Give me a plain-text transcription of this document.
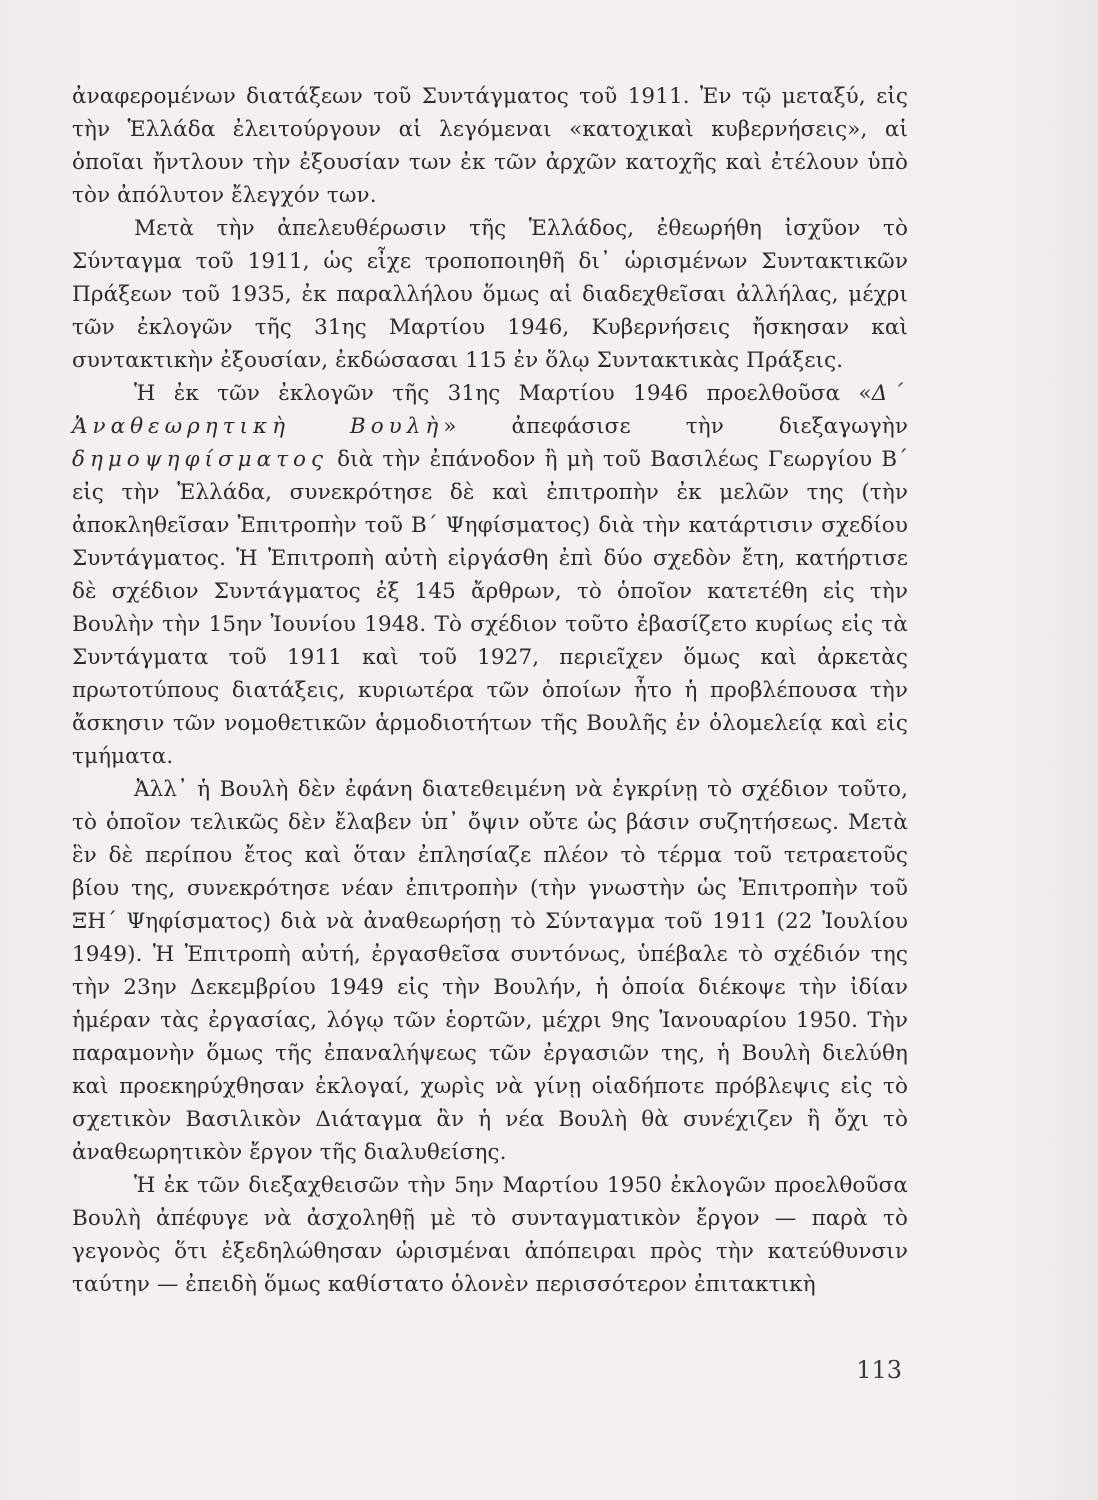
ἀναφερομένων διατάξεων τοῦ Συντάγματος τοῦ 1911. Ἐν τῷ μεταξύ, εἰς τὴν Ἑλλάδα ἐλειτούργουν αἱ λεγόμεναι «κατοχικαὶ κυβερνήσεις», αἱ ὁποῖαι ἤντλουν τὴν ἐξουσίαν των ἐκ τῶν ἀρχῶν κατοχῆς καὶ ἐτέλουν ὑπὸ τὸν ἀπόλυτον ἔλεγχόν των.

Μετὰ τὴν ἀπελευθέρωσιν τῆς Ἑλλάδος, ἐθεωρήθη ἰσχῦον τὸ Σύνταγμα τοῦ 1911, ὡς εἶχε τροποποιηθῆ δι᾿ ὡρισμένων Συντακτικῶν Πράξεων τοῦ 1935, ἐκ παραλλήλου ὅμως αἱ διαδεχθεῖσαι ἀλλήλας, μέχρι τῶν ἐκλογῶν τῆς 31ης Μαρτίου 1946, Κυβερνήσεις ἤσκησαν καὶ συντακτικὴν ἐξουσίαν, ἐκδώσασαι 115 ἐν ὅλῳ Συντακτικὰς Πράξεις.

Ἡ ἐκ τῶν ἐκλογῶν τῆς 31ης Μαρτίου 1946 προελθοῦσα «Δ΄ Ἀναθεωρητικὴ Βουλὴ» ἀπεφάσισε τὴν διεξαγωγὴν δημοψηφίσματος διὰ τὴν ἐπάνοδον ἢ μὴ τοῦ Βασιλέως Γεωργίου Β΄ εἰς τὴν Ἑλλάδα, συνεκρότησε δὲ καὶ ἐπιτροπὴν ἐκ μελῶν της (τὴν ἀποκληθεῖσαν Ἐπιτροπὴν τοῦ Β΄ Ψηφίσματος) διὰ τὴν κατάρτισιν σχεδίου Συντάγματος. Ἡ Ἐπιτροπὴ αὐτὴ εἰργάσθη ἐπὶ δύο σχεδὸν ἔτη, κατήρτισε δὲ σχέδιον Συντάγματος ἐξ 145 ἄρθρων, τὸ ὁποῖον κατετέθη εἰς τὴν Βουλὴν τὴν 15ην Ἰουνίου 1948. Τὸ σχέδιον τοῦτο ἐβασίζετο κυρίως εἰς τὰ Συντάγματα τοῦ 1911 καὶ τοῦ 1927, περιεῖχεν ὅμως καὶ ἀρκετὰς πρωτοτύπους διατάξεις, κυριωτέρα τῶν ὁποίων ἦτο ἡ προβλέπουσα τὴν ἄσκησιν τῶν νομοθετικῶν ἁρμοδιοτήτων τῆς Βουλῆς ἐν ὁλομελείᾳ καὶ εἰς τμήματα.

Ἀλλ᾿ ἡ Βουλὴ δὲν ἐφάνη διατεθειμένη νὰ ἐγκρίνῃ τὸ σχέδιον τοῦτο, τὸ ὁποῖον τελικῶς δὲν ἔλαβεν ὑπ᾿ ὄψιν οὔτε ὡς βάσιν συζητήσεως. Μετὰ ἓν δὲ περίπου ἔτος καὶ ὅταν ἐπλησίαζε πλέον τὸ τέρμα τοῦ τετραετοῦς βίου της, συνεκρότησε νέαν ἐπιτροπὴν (τὴν γνωστὴν ὡς Ἐπιτροπὴν τοῦ ΞΗ΄ Ψηφίσματος) διὰ νὰ ἀναθεωρήσῃ τὸ Σύνταγμα τοῦ 1911 (22 Ἰουλίου 1949). Ἡ Ἐπιτροπὴ αὐτή, ἐργασθεῖσα συντόνως, ὑπέβαλε τὸ σχέδιόν της τὴν 23ην Δεκεμβρίου 1949 εἰς τὴν Βουλήν, ἡ ὁποία διέκοψε τὴν ἰδίαν ἡμέραν τὰς ἐργασίας, λόγῳ τῶν ἑορτῶν, μέχρι 9ης Ἰανουαρίου 1950. Τὴν παραμονὴν ὅμως τῆς ἐπαναλήψεως τῶν ἐργασιῶν της, ἡ Βουλὴ διελύθη καὶ προεκηρύχθησαν ἐκλογαί, χωρὶς νὰ γίνῃ οἱαδήποτε πρόβλεψις εἰς τὸ σχετικὸν Βασιλικὸν Διάταγμα ἂν ἡ νέα Βουλὴ θὰ συνέχιζεν ἢ ὄχι τὸ ἀναθεωρητικὸν ἔργον τῆς διαλυθείσης.

Ἡ ἐκ τῶν διεξαχθεισῶν τὴν 5ην Μαρτίου 1950 ἐκλογῶν προελθοῦσα Βουλὴ ἀπέφυγε νὰ ἀσχοληθῇ μὲ τὸ συνταγματικὸν ἔργον — παρὰ τὸ γεγονὸς ὅτι ἐξεδηλώθησαν ὡρισμέναι ἀπόπειραι πρὸς τὴν κατεύθυνσιν ταύτην — ἐπειδὴ ὅμως καθίστατο ὁλονὲν περισσότερον ἐπιτακτικὴ

113
